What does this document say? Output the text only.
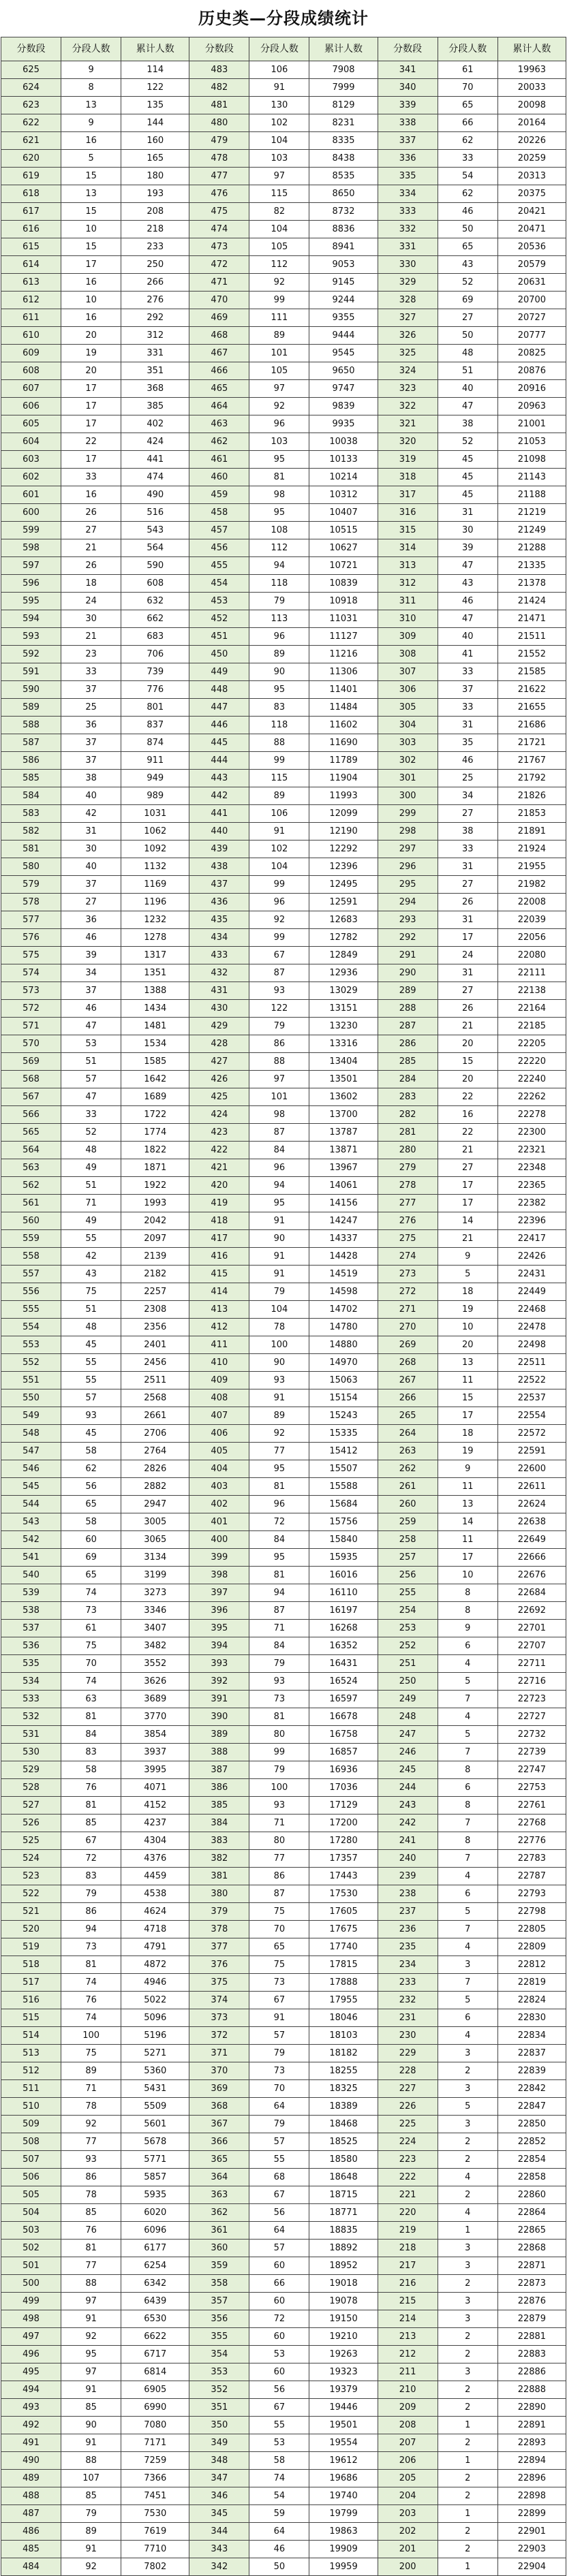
历史类—分段成绩统计
分数段	分段人数	累计人数	分数段	分段人数	累计人数	分数段	分段人数	累计人数
625	9	114	483	106	7908	341	61	19963
624	8	122	482	91	7999	340	70	20033
623	13	135	481	130	8129	339	65	20098
622	9	144	480	102	8231	338	66	20164
621	16	160	479	104	8335	337	62	20226
620	5	165	478	103	8438	336	33	20259
619	15	180	477	97	8535	335	54	20313
618	13	193	476	115	8650	334	62	20375
617	15	208	475	82	8732	333	46	20421
616	10	218	474	104	8836	332	50	20471
615	15	233	473	105	8941	331	65	20536
614	17	250	472	112	9053	330	43	20579
613	16	266	471	92	9145	329	52	20631
612	10	276	470	99	9244	328	69	20700
611	16	292	469	111	9355	327	27	20727
610	20	312	468	89	9444	326	50	20777
609	19	331	467	101	9545	325	48	20825
608	20	351	466	105	9650	324	51	20876
607	17	368	465	97	9747	323	40	20916
606	17	385	464	92	9839	322	47	20963
605	17	402	463	96	9935	321	38	21001
604	22	424	462	103	10038	320	52	21053
603	17	441	461	95	10133	319	45	21098
602	33	474	460	81	10214	318	45	21143
601	16	490	459	98	10312	317	45	21188
600	26	516	458	95	10407	316	31	21219
599	27	543	457	108	10515	315	30	21249
598	21	564	456	112	10627	314	39	21288
597	26	590	455	94	10721	313	47	21335
596	18	608	454	118	10839	312	43	21378
595	24	632	453	79	10918	311	46	21424
594	30	662	452	113	11031	310	47	21471
593	21	683	451	96	11127	309	40	21511
592	23	706	450	89	11216	308	41	21552
591	33	739	449	90	11306	307	33	21585
590	37	776	448	95	11401	306	37	21622
589	25	801	447	83	11484	305	33	21655
588	36	837	446	118	11602	304	31	21686
587	37	874	445	88	11690	303	35	21721
586	37	911	444	99	11789	302	46	21767
585	38	949	443	115	11904	301	25	21792
584	40	989	442	89	11993	300	34	21826
583	42	1031	441	106	12099	299	27	21853
582	31	1062	440	91	12190	298	38	21891
581	30	1092	439	102	12292	297	33	21924
580	40	1132	438	104	12396	296	31	21955
579	37	1169	437	99	12495	295	27	21982
578	27	1196	436	96	12591	294	26	22008
577	36	1232	435	92	12683	293	31	22039
576	46	1278	434	99	12782	292	17	22056
575	39	1317	433	67	12849	291	24	22080
574	34	1351	432	87	12936	290	31	22111
573	37	1388	431	93	13029	289	27	22138
572	46	1434	430	122	13151	288	26	22164
571	47	1481	429	79	13230	287	21	22185
570	53	1534	428	86	13316	286	20	22205
569	51	1585	427	88	13404	285	15	22220
568	57	1642	426	97	13501	284	20	22240
567	47	1689	425	101	13602	283	22	22262
566	33	1722	424	98	13700	282	16	22278
565	52	1774	423	87	13787	281	22	22300
564	48	1822	422	84	13871	280	21	22321
563	49	1871	421	96	13967	279	27	22348
562	51	1922	420	94	14061	278	17	22365
561	71	1993	419	95	14156	277	17	22382
560	49	2042	418	91	14247	276	14	22396
559	55	2097	417	90	14337	275	21	22417
558	42	2139	416	91	14428	274	9	22426
557	43	2182	415	91	14519	273	5	22431
556	75	2257	414	79	14598	272	18	22449
555	51	2308	413	104	14702	271	19	22468
554	48	2356	412	78	14780	270	10	22478
553	45	2401	411	100	14880	269	20	22498
552	55	2456	410	90	14970	268	13	22511
551	55	2511	409	93	15063	267	11	22522
550	57	2568	408	91	15154	266	15	22537
549	93	2661	407	89	15243	265	17	22554
548	45	2706	406	92	15335	264	18	22572
547	58	2764	405	77	15412	263	19	22591
546	62	2826	404	95	15507	262	9	22600
545	56	2882	403	81	15588	261	11	22611
544	65	2947	402	96	15684	260	13	22624
543	58	3005	401	72	15756	259	14	22638
542	60	3065	400	84	15840	258	11	22649
541	69	3134	399	95	15935	257	17	22666
540	65	3199	398	81	16016	256	10	22676
539	74	3273	397	94	16110	255	8	22684
538	73	3346	396	87	16197	254	8	22692
537	61	3407	395	71	16268	253	9	22701
536	75	3482	394	84	16352	252	6	22707
535	70	3552	393	79	16431	251	4	22711
534	74	3626	392	93	16524	250	5	22716
533	63	3689	391	73	16597	249	7	22723
532	81	3770	390	81	16678	248	4	22727
531	84	3854	389	80	16758	247	5	22732
530	83	3937	388	99	16857	246	7	22739
529	58	3995	387	79	16936	245	8	22747
528	76	4071	386	100	17036	244	6	22753
527	81	4152	385	93	17129	243	8	22761
526	85	4237	384	71	17200	242	7	22768
525	67	4304	383	80	17280	241	8	22776
524	72	4376	382	77	17357	240	7	22783
523	83	4459	381	86	17443	239	4	22787
522	79	4538	380	87	17530	238	6	22793
521	86	4624	379	75	17605	237	5	22798
520	94	4718	378	70	17675	236	7	22805
519	73	4791	377	65	17740	235	4	22809
518	81	4872	376	75	17815	234	3	22812
517	74	4946	375	73	17888	233	7	22819
516	76	5022	374	67	17955	232	5	22824
515	74	5096	373	91	18046	231	6	22830
514	100	5196	372	57	18103	230	4	22834
513	75	5271	371	79	18182	229	3	22837
512	89	5360	370	73	18255	228	2	22839
511	71	5431	369	70	18325	227	3	22842
510	78	5509	368	64	18389	226	5	22847
509	92	5601	367	79	18468	225	3	22850
508	77	5678	366	57	18525	224	2	22852
507	93	5771	365	55	18580	223	2	22854
506	86	5857	364	68	18648	222	4	22858
505	78	5935	363	67	18715	221	2	22860
504	85	6020	362	56	18771	220	4	22864
503	76	6096	361	64	18835	219	1	22865
502	81	6177	360	57	18892	218	3	22868
501	77	6254	359	60	18952	217	3	22871
500	88	6342	358	66	19018	216	2	22873
499	97	6439	357	60	19078	215	3	22876
498	91	6530	356	72	19150	214	3	22879
497	92	6622	355	60	19210	213	2	22881
496	95	6717	354	53	19263	212	2	22883
495	97	6814	353	60	19323	211	3	22886
494	91	6905	352	56	19379	210	2	22888
493	85	6990	351	67	19446	209	2	22890
492	90	7080	350	55	19501	208	1	22891
491	91	7171	349	53	19554	207	2	22893
490	88	7259	348	58	19612	206	1	22894
489	107	7366	347	74	19686	205	2	22896
488	85	7451	346	54	19740	204	2	22898
487	79	7530	345	59	19799	203	1	22899
486	89	7619	344	64	19863	202	2	22901
485	91	7710	343	46	19909	201	2	22903
484	92	7802	342	50	19959	200	1	22904
